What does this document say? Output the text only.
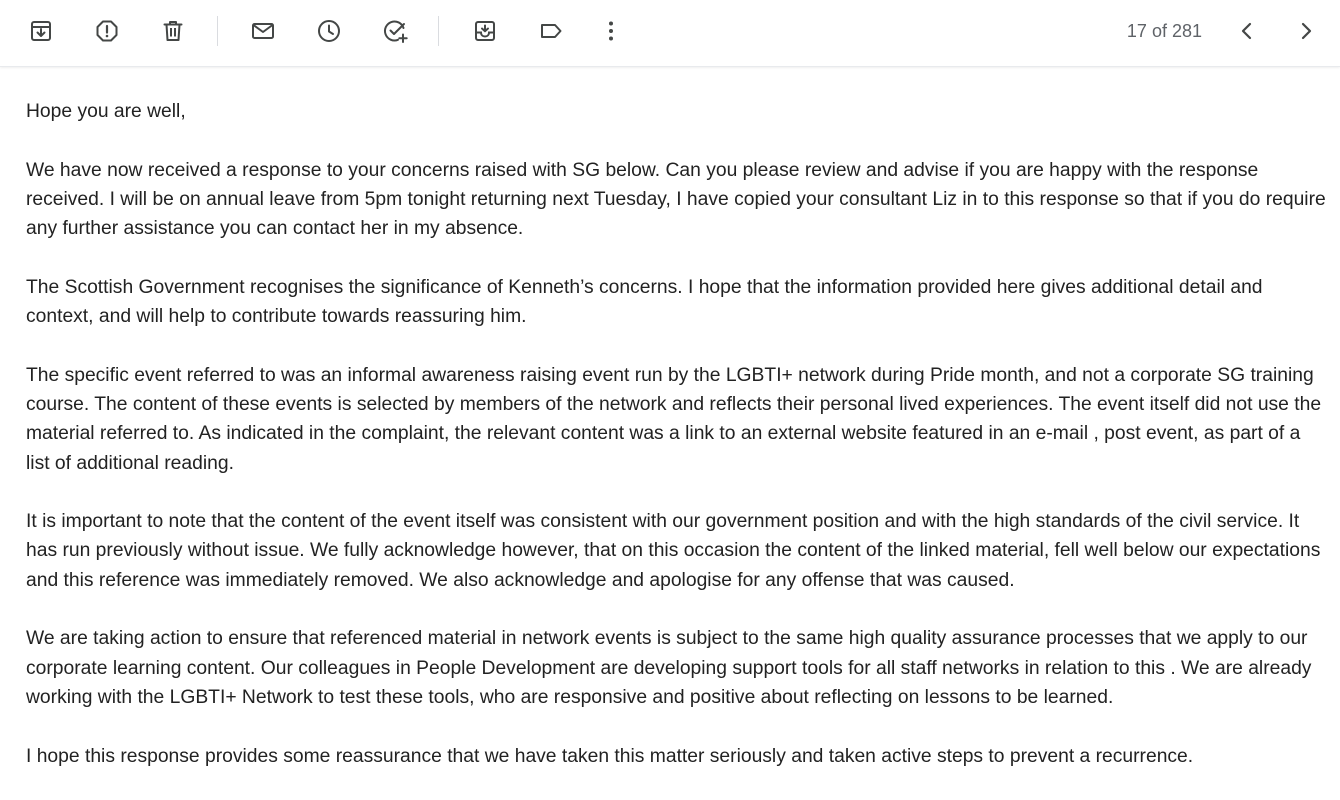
17 of 281

Hope you are well,

We have now received a response to your concerns raised with SG below. Can you please review and advise if you are happy with the response received. I will be on annual leave from 5pm tonight returning next Tuesday, I have copied your consultant Liz in to this response so that if you do require any further assistance you can contact her in my absence.

The Scottish Government recognises the significance of Kenneth’s concerns. I hope that the information provided here gives additional detail and context, and will help to contribute towards reassuring him.

The specific event referred to was an informal awareness raising event run by the LGBTI+ network during Pride month, and not a corporate SG training course. The content of these events is selected by members of the network and reflects their personal lived experiences. The event itself did not use the material referred to. As indicated in the complaint, the relevant content was a link to an external website featured in an e-mail , post event, as part of a list of additional reading.

It is important to note that the content of the event itself was consistent with our government position and with the high standards of the civil service. It has run previously without issue. We fully acknowledge however, that on this occasion the content of the linked material, fell well below our expectations and this reference was immediately removed. We also acknowledge and apologise for any offense that was caused.

We are taking action to ensure that referenced material in network events is subject to the same high quality assurance processes that we apply to our corporate learning content. Our colleagues in People Development are developing support tools for all staff networks in relation to this . We are already working with the LGBTI+ Network to test these tools, who are responsive and positive about reflecting on lessons to be learned.

I hope this response provides some reassurance that we have taken this matter seriously and taken active steps to prevent a recurrence.
